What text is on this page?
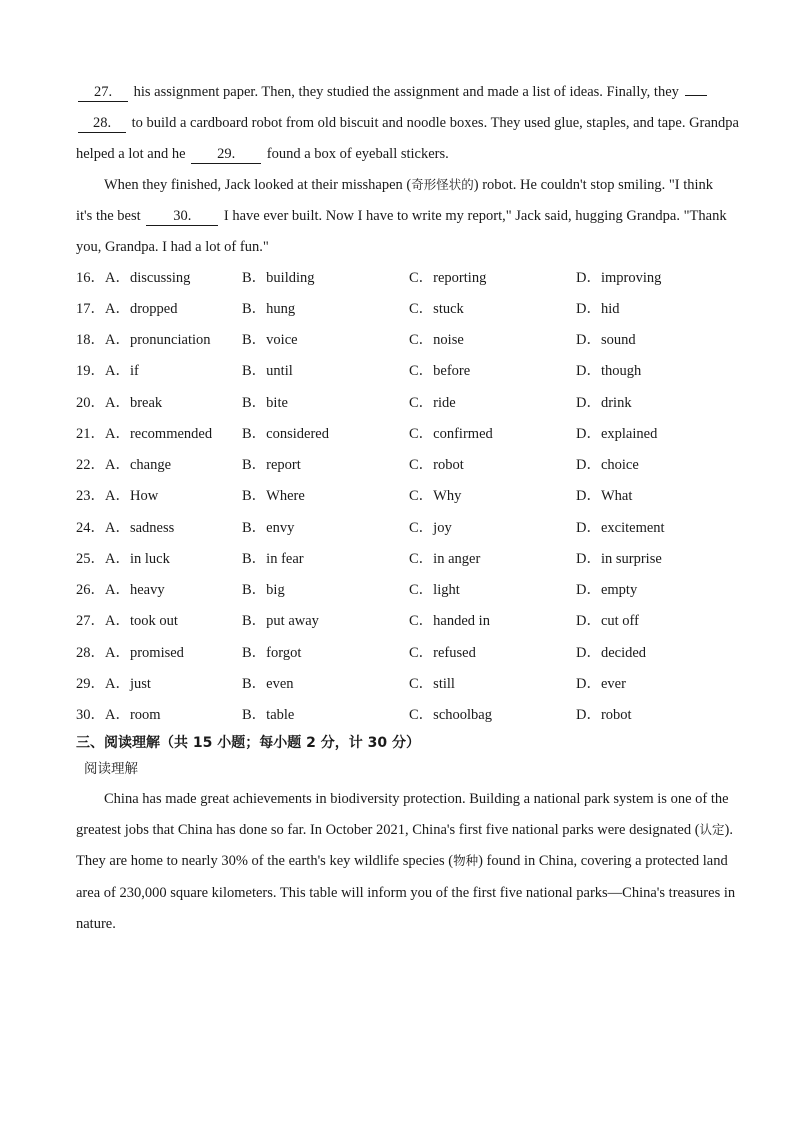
27. his assignment paper. Then, they studied the assignment and made a list of ideas. Finally, they
28. to build a cardboard robot from old biscuit and noodle boxes. They used glue, staples, and tape. Grandpa
helped a lot and he 29. found a box of eyeball stickers.
When they finished, Jack looked at their misshapen (奇形怪状的) robot. He couldn't stop smiling. "I think
it's the best 30. I have ever built. Now I have to write my report," Jack said, hugging Grandpa. "Thank
you, Grandpa. I had a lot of fun."
16． A．discussing	B．building	C．reporting	D．improving
17． A．dropped	B．hung	C．stuck	D．hid
18． A．pronunciation B．voice	C．noise	D．sound
19． A．if	B．until	C．before	D．though
20． A．break	B．bite	C．ride	D．drink
21． A．recommended B．considered	C．confirmed	D．explained
22． A．change	B．report	C．robot	D．choice
23． A．How	B．Where	C．Why	D．What
24． A．sadness	B．envy	C．joy	D．excitement
25． A．in luck	B．in fear	C．in anger	D．in surprise
26． A．heavy	B．big	C．light	D．empty
27． A．took out	B．put away	C．handed in	D．cut off
28． A．promised	B．forgot	C．refused	D．decided
29． A．just	B．even	C．still	D．ever
30． A．room	B．table	C．schoolbag	D．robot
三、阅读理解（共 15 小题；每小题 2 分，计 30 分）
阅读理解
China has made great achievements in biodiversity protection. Building a national park system is one of the
greatest jobs that China has done so far. In October 2021, China's first five national parks were designated (认定).
They are home to nearly 30% of the earth's key wildlife species (物种) found in China, covering a protected land
area of 230,000 square kilometers. This table will inform you of the first five national parks—China's treasures in
nature.
